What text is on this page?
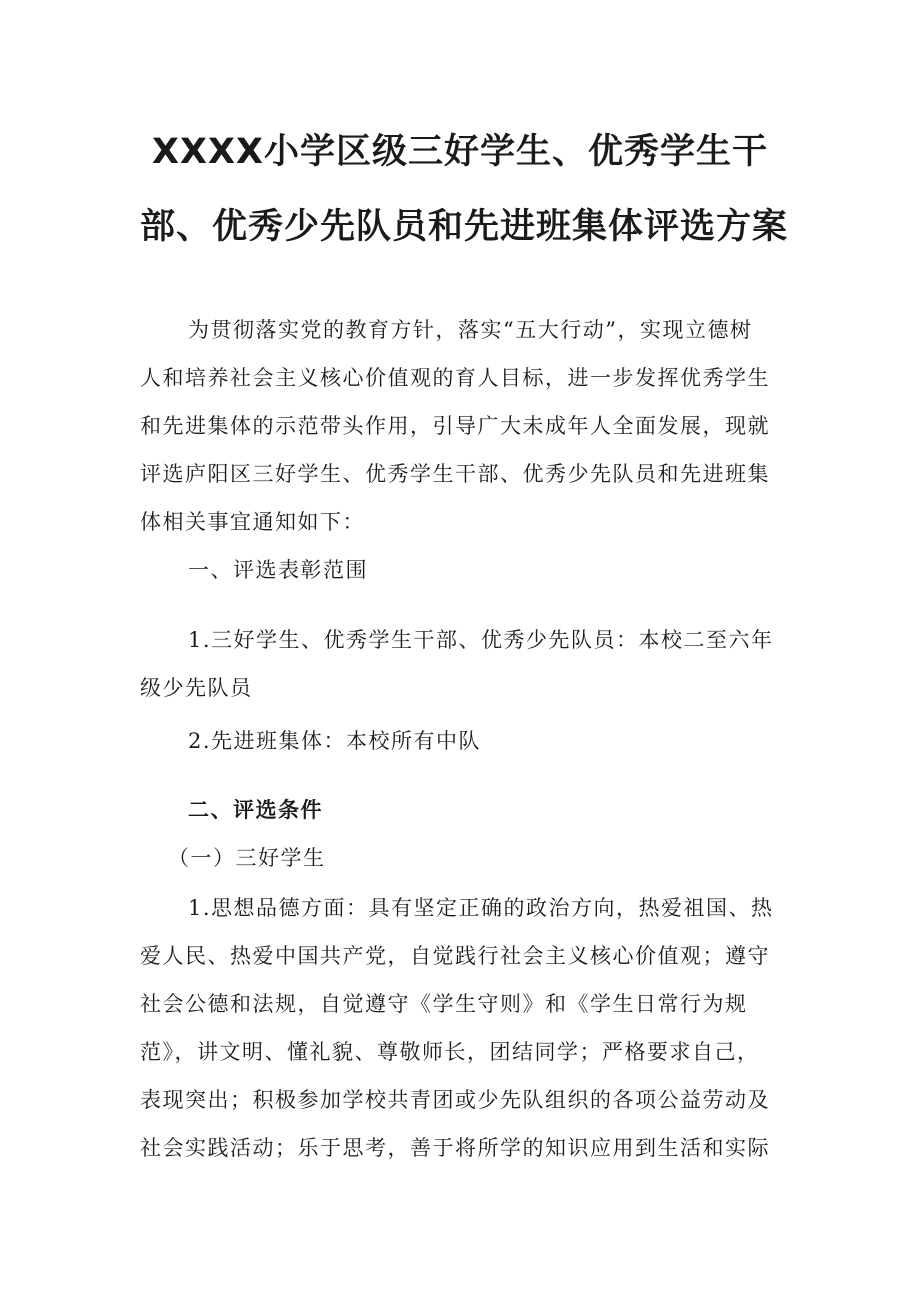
XXXX小学区级三好学生、优秀学生干
部、优秀少先队员和先进班集体评选方案
为贯彻落实党的教育方针，落实“五大行动”，实现立德树
人和培养社会主义核心价值观的育人目标，进一步发挥优秀学生
和先进集体的示范带头作用，引导广大未成年人全面发展，现就
评选庐阳区三好学生、优秀学生干部、优秀少先队员和先进班集
体相关事宜通知如下：
一、评选表彰范围
1.三好学生、优秀学生干部、优秀少先队员：本校二至六年
级少先队员
2.先进班集体：本校所有中队
二、评选条件
（一）三好学生
1.思想品德方面：具有坚定正确的政治方向，热爱祖国、热
爱人民、热爱中国共产党，自觉践行社会主义核心价值观；遵守
社会公德和法规，自觉遵守《学生守则》和《学生日常行为规
范》，讲文明、懂礼貌、尊敬师长，团结同学；严格要求自己，
表现突出；积极参加学校共青团或少先队组织的各项公益劳动及
社会实践活动；乐于思考，善于将所学的知识应用到生活和实际
